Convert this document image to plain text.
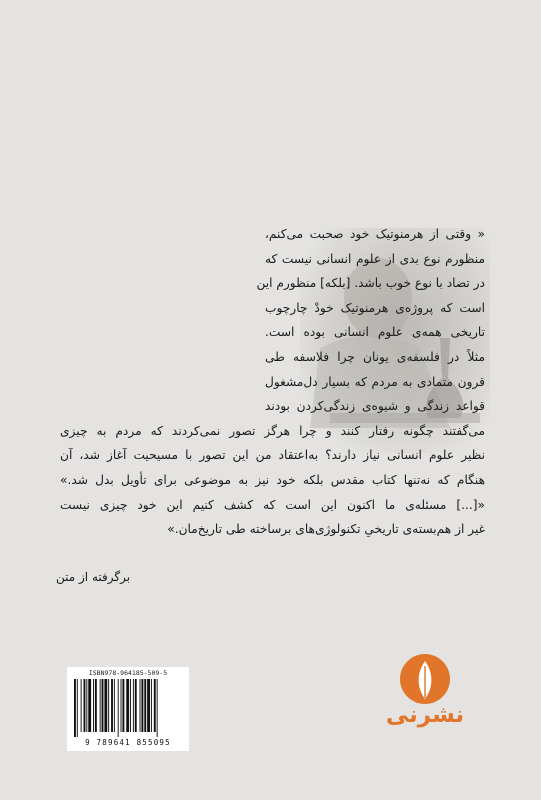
« وقتی از هرمنوتیک خود صحبت می‌کنم،
منظورم نوع بدی از علوم انسانی نیست که
در تضاد با نوع خوب باشد. [بلکه] منظورم این
است که پروژه‌ی هرمنوتیک خودْ چارچوب
تاریخی همه‌ی علوم انسانی بوده است.
مثلاً در فلسفه‌ی یونان چرا فلاسفه طی
قرون متمادی به مردم که بسیار دل‌مشغول
قواعد زندگی و شیوه‌ی زندگی‌کردن بودند
می‌گفتند چگونه رفتار کنند و چرا هرگز تصور نمی‌کردند که مردم به چیزی
نظیر علوم انسانی نیاز دارند؟ به‌اعتقاد من این تصور با مسیحیت آغاز شد، آن
هنگام که نه‌تنها کتاب مقدس بلکه خود نیز به موضوعی برای تأویل بدل شد.»
«[...] مسئله‌ی ما اکنون این است که کشف کنیم این خود چیزی نیست
غیر از هم‌بسته‌ی تاریخیِ تکنولوژی‌های برساخته طی تاریخ‌مان.»
برگرفته از متن
ISBN978-964185-509-5
9 789641 855095
نشرنی
